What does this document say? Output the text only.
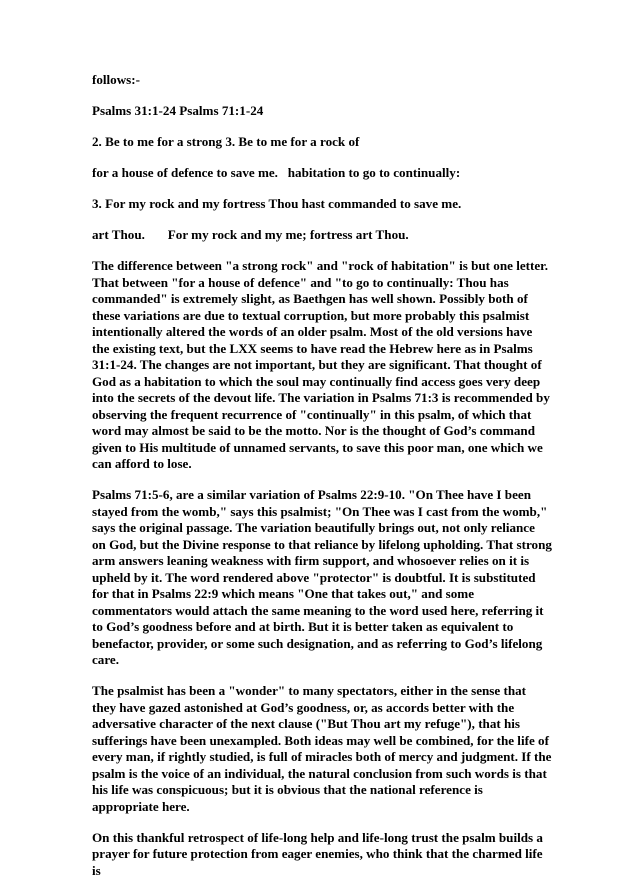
follows:-

Psalms 31:1-24 Psalms 71:1-24

2. Be to me for a strong 3. Be to me for a rock of

for a house of defence to save me.   habitation to go to continually:

3. For my rock and my fortress Thou hast commanded to save me.

art Thou.       For my rock and my me; fortress art Thou.

The difference between "a strong rock" and "rock of habitation" is but one letter. That between "for a house of defence" and "to go to continually: Thou has commanded" is extremely slight, as Baethgen has well shown. Possibly both of these variations are due to textual corruption, but more probably this psalmist intentionally altered the words of an older psalm. Most of the old versions have the existing text, but the LXX seems to have read the Hebrew here as in Psalms 31:1-24. The changes are not important, but they are significant. That thought of God as a habitation to which the soul may continually find access goes very deep into the secrets of the devout life. The variation in Psalms 71:3 is recommended by observing the frequent recurrence of "continually" in this psalm, of which that word may almost be said to be the motto. Nor is the thought of God’s command given to His multitude of unnamed servants, to save this poor man, one which we can afford to lose.

Psalms 71:5-6, are a similar variation of Psalms 22:9-10. "On Thee have I been stayed from the womb," says this psalmist; "On Thee was I cast from the womb," says the original passage. The variation beautifully brings out, not only reliance on God, but the Divine response to that reliance by lifelong upholding. That strong arm answers leaning weakness with firm support, and whosoever relies on it is upheld by it. The word rendered above "protector" is doubtful. It is substituted for that in Psalms 22:9 which means "One that takes out," and some commentators would attach the same meaning to the word used here, referring it to God’s goodness before and at birth. But it is better taken as equivalent to benefactor, provider, or some such designation, and as referring to God’s lifelong care.

The psalmist has been a "wonder" to many spectators, either in the sense that they have gazed astonished at God’s goodness, or, as accords better with the adversative character of the next clause ("But Thou art my refuge"), that his sufferings have been unexampled. Both ideas may well be combined, for the life of every man, if rightly studied, is full of miracles both of mercy and judgment. If the psalm is the voice of an individual, the natural conclusion from such words is that his life was conspicuous; but it is obvious that the national reference is appropriate here.

On this thankful retrospect of life-long help and life-long trust the psalm builds a prayer for future protection from eager enemies, who think that the charmed life is
